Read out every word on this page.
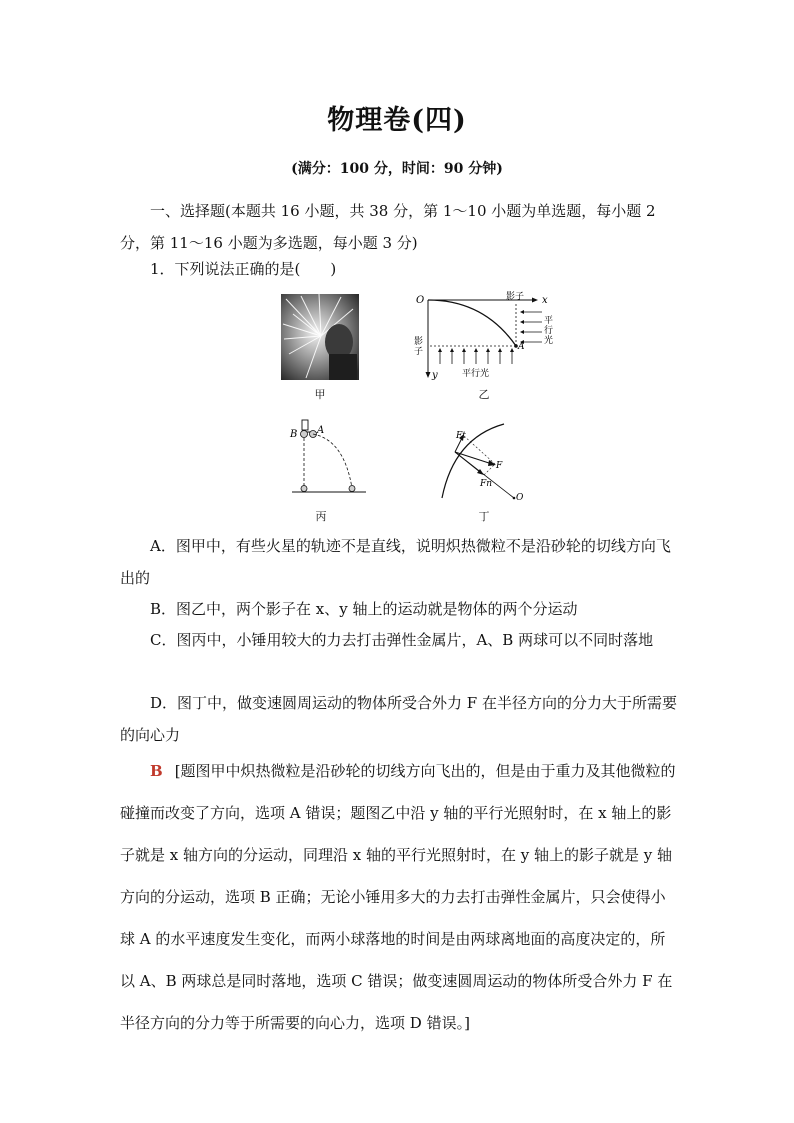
物理卷(四)
(满分：100 分，时间：90 分钟)
一、选择题(本题共 16 小题，共 38 分，第 1～10 小题为单选题，每小题 2 分，第 11～16 小题为多选题，每小题 3 分)
1．下列说法正确的是(　　)
甲
O	x
y
A
影子
影
子
平行光
平
行
光
乙
B A
丙
Ft
F
Fn
O
丁
A．图甲中，有些火星的轨迹不是直线，说明炽热微粒不是沿砂轮的切线方向飞出的
B．图乙中，两个影子在 x、y 轴上的运动就是物体的两个分运动
C．图丙中，小锤用较大的力去打击弹性金属片，A、B 两球可以不同时落地
D．图丁中，做变速圆周运动的物体所受合外力 F 在半径方向的分力大于所需要的向心力
B [题图甲中炽热微粒是沿砂轮的切线方向飞出的，但是由于重力及其他微粒的碰撞而改变了方向，选项 A 错误；题图乙中沿 y 轴的平行光照射时，在 x 轴上的影子就是 x 轴方向的分运动，同理沿 x 轴的平行光照射时，在 y 轴上的影子就是 y 轴方向的分运动，选项 B 正确；无论小锤用多大的力去打击弹性金属片，只会使得小球 A 的水平速度发生变化，而两小球落地的时间是由两球离地面的高度决定的，所以 A、B 两球总是同时落地，选项 C 错误；做变速圆周运动的物体所受合外力 F 在半径方向的分力等于所需要的向心力，选项 D 错误。]
